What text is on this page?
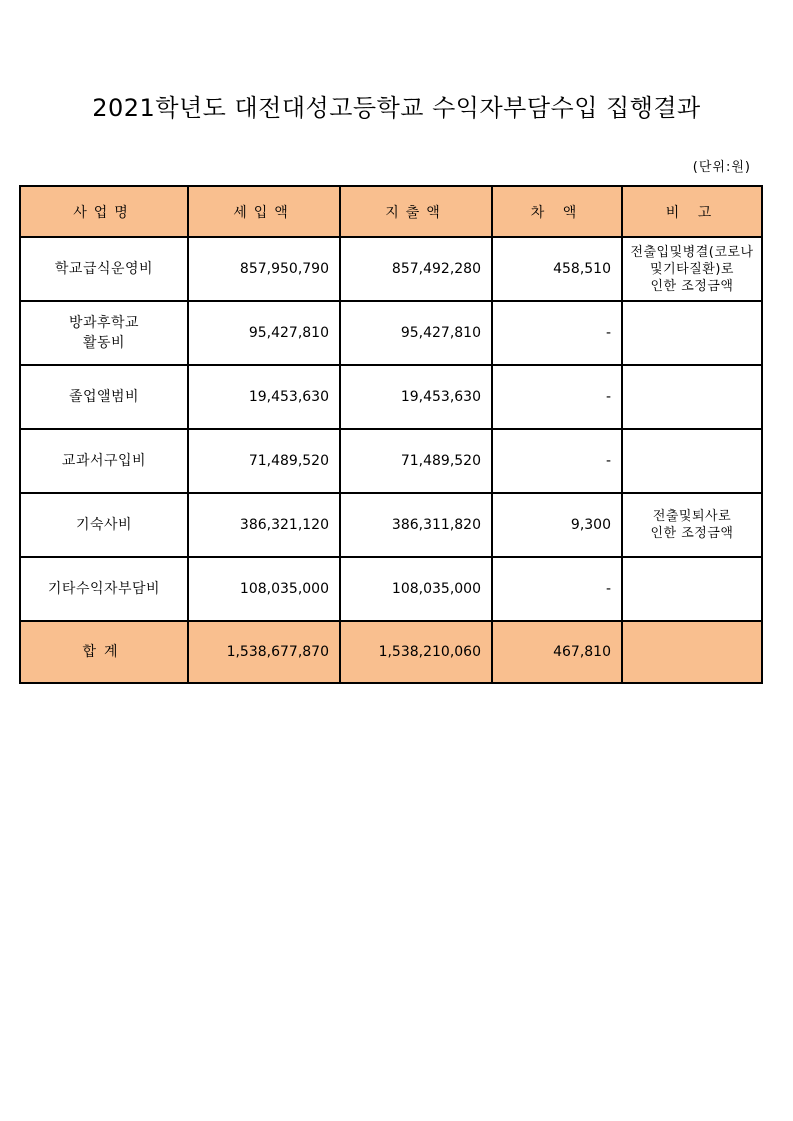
2021학년도 대전대성고등학교 수익자부담수입 집행결과
(단위:원)
사업명	세입액	지출액	차 액	비 고
학교급식운영비	857,950,790	857,492,280	458,510	전출입및병결(코로나
및기타질환)로
인한 조정금액

방과후학교
활동비	95,427,810	95,427,810	-	
졸업앨범비	19,453,630	19,453,630	-	
교과서구입비	71,489,520	71,489,520	-	
기숙사비	386,321,120	386,311,820	9,300	전출및퇴사로
인한 조정금액

기타수익자부담비	108,035,000	108,035,000	-	
합계	1,538,677,870	1,538,210,060	467,810	
